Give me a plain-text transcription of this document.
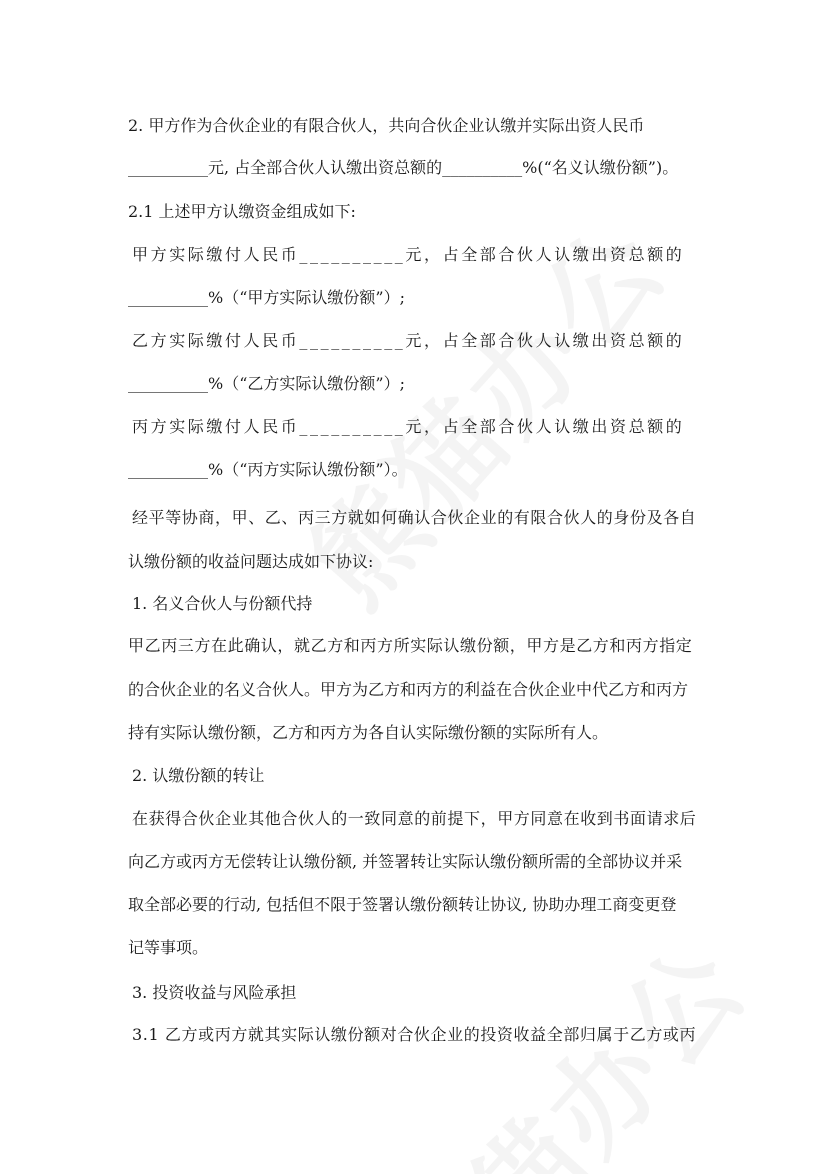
2. 甲方作为合伙企业的有限合伙人，共向合伙企业认缴并实际出资人民币
__________元, 占全部合伙人认缴出资总额的__________%(“名义认缴份额”)。
2.1 上述甲方认缴资金组成如下:
甲方实际缴付人民币__________元，占全部合伙人认缴出资总额的
__________%（“甲方实际认缴份额”）;
乙方实际缴付人民币__________元，占全部合伙人认缴出资总额的
__________%（“乙方实际认缴份额”）;
丙方实际缴付人民币__________元，占全部合伙人认缴出资总额的
__________%（“丙方实际认缴份额”）。
经平等协商，甲、乙、丙三方就如何确认合伙企业的有限合伙人的身份及各自
认缴份额的收益问题达成如下协议:
1. 名义合伙人与份额代持
甲乙丙三方在此确认，就乙方和丙方所实际认缴份额，甲方是乙方和丙方指定
的合伙企业的名义合伙人。甲方为乙方和丙方的利益在合伙企业中代乙方和丙方
持有实际认缴份额，乙方和丙方为各自认实际缴份额的实际所有人。
2. 认缴份额的转让
在获得合伙企业其他合伙人的一致同意的前提下，甲方同意在收到书面请求后
向乙方或丙方无偿转让认缴份额, 并签署转让实际认缴份额所需的全部协议并采
取全部必要的行动, 包括但不限于签署认缴份额转让协议, 协助办理工商变更登
记等事项。
3. 投资收益与风险承担
3.1 乙方或丙方就其实际认缴份额对合伙企业的投资收益全部归属于乙方或丙
